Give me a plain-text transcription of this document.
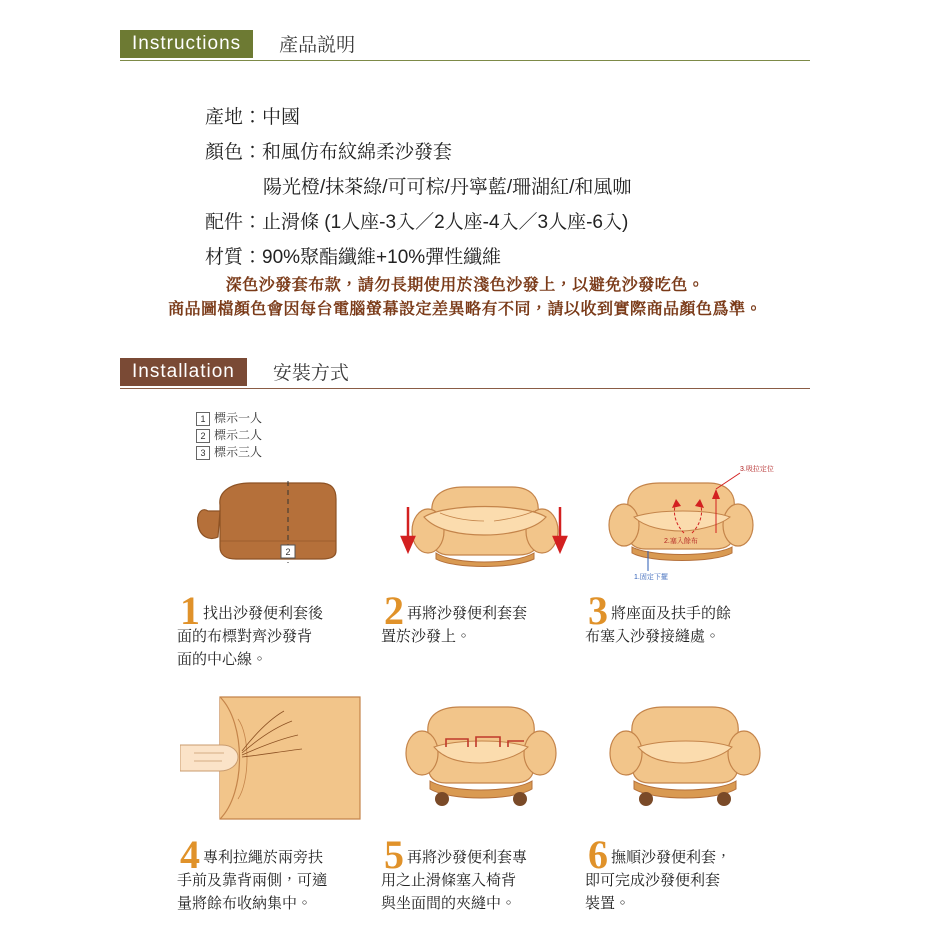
Instructions	產品説明
產地：中國
顏色：和風仿布紋綿柔沙發套
陽光橙/抹茶綠/可可棕/丹寧藍/珊湖紅/和風咖
配件：止滑條 (1人座-3入／2人座-4入／3人座-6入)
材質：90%聚酯纖維+10%彈性纖維
深色沙發套布款，請勿長期使用於淺色沙發上，以避免沙發吃色。
商品圖檔顏色會因每台電腦螢幕設定差異略有不同，請以收到實際商品顏色爲準。
Installation	安裝方式
1 標示一人
2 標示二人
3 標示三人
2
1 找出沙發便利套後
面的布標對齊沙發背
面的中心線。
2 再將沙發便利套套
置於沙發上。
3.吸拉定位
2.塞入餘布
1.固定下擺
3 將座面及扶手的餘
布塞入沙發接縫處。
4 專利拉繩於兩旁扶
手前及靠背兩側，可適
量將餘布收納集中。
5 再將沙發便利套專
用之止滑條塞入椅背
與坐面間的夾縫中。
6 撫順沙發便利套，
即可完成沙發便利套
裝置。
